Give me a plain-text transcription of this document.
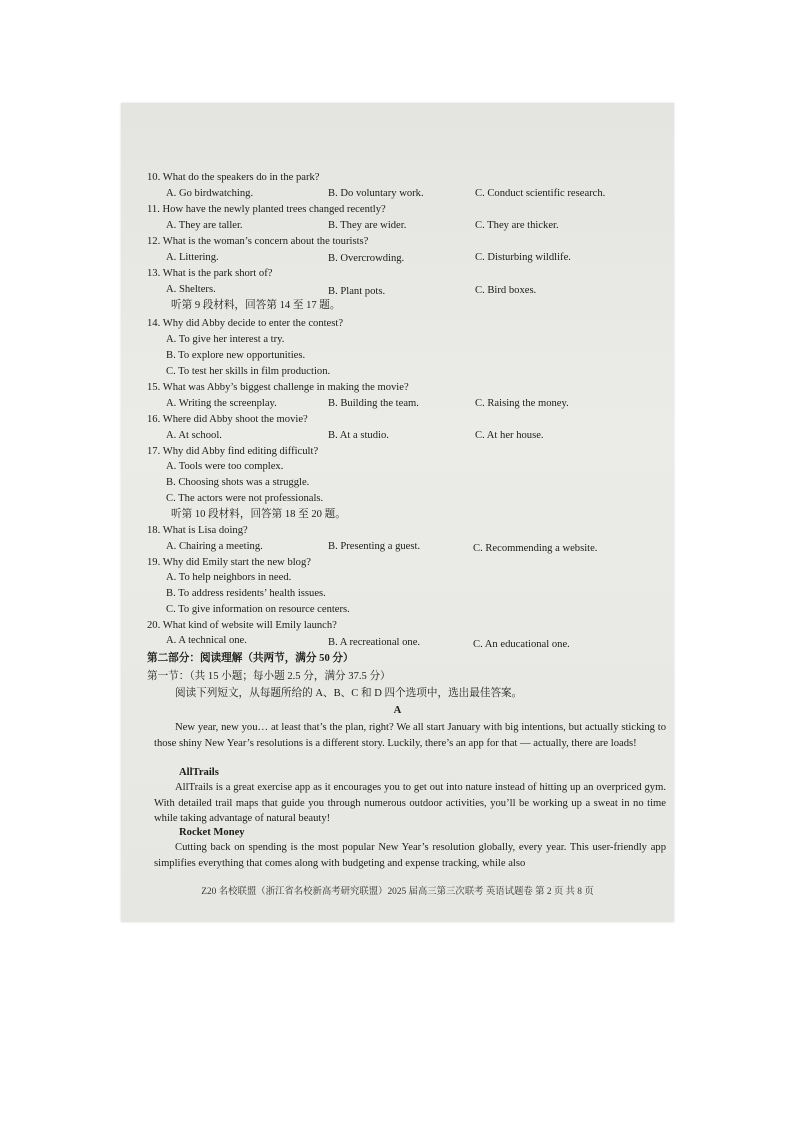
10. What do the speakers do in the park?
A. Go birdwatching.	B. Do voluntary work.	C. Conduct scientific research.
11. How have the newly planted trees changed recently?
A. They are taller.	B. They are wider.	C. They are thicker.
12. What is the woman’s concern about the tourists?
A. Littering.	B. Overcrowding.	C. Disturbing wildlife.
13. What is the park short of?
A. Shelters.	B. Plant pots.	C. Bird boxes.
听第 9 段材料，回答第 14 至 17 题。
14. Why did Abby decide to enter the contest?
A. To give her interest a try.
B. To explore new opportunities.
C. To test her skills in film production.
15. What was Abby’s biggest challenge in making the movie?
A. Writing the screenplay.	B. Building the team.	C. Raising the money.
16. Where did Abby shoot the movie?
A. At school.	B. At a studio.	C. At her house.
17. Why did Abby find editing difficult?
A. Tools were too complex.
B. Choosing shots was a struggle.
C. The actors were not professionals.
听第 10 段材料，回答第 18 至 20 题。
18. What is Lisa doing?
A. Chairing a meeting.	B. Presenting a guest.	C. Recommending a website.
19. Why did Emily start the new blog?
A. To help neighbors in need.
B. To address residents’ health issues.
C. To give information on resource centers.
20. What kind of website will Emily launch?
A. A technical one.	B. A recreational one.	C. An educational one.
第二部分：阅读理解（共两节，满分 50 分）
第一节：（共 15 小题；每小题 2.5 分，满分 37.5 分）
阅读下列短文，从每题所给的 A、B、C 和 D 四个选项中，选出最佳答案。
A
New year, new you… at least that’s the plan, right? We all start January with big intentions, but actually sticking to those shiny New Year’s resolutions is a different story. Luckily, there’s an app for that — actually, there are loads!
AllTrails
AllTrails is a great exercise app as it encourages you to get out into nature instead of hitting up an overpriced gym. With detailed trail maps that guide you through numerous outdoor activities, you’ll be working up a sweat in no time while taking advantage of natural beauty!
Rocket Money
Cutting back on spending is the most popular New Year’s resolution globally, every year. This user-friendly app simplifies everything that comes along with budgeting and expense tracking, while also
Z20 名校联盟（浙江省名校新高考研究联盟）2025 届高三第三次联考 英语试题卷 第 2 页 共 8 页
